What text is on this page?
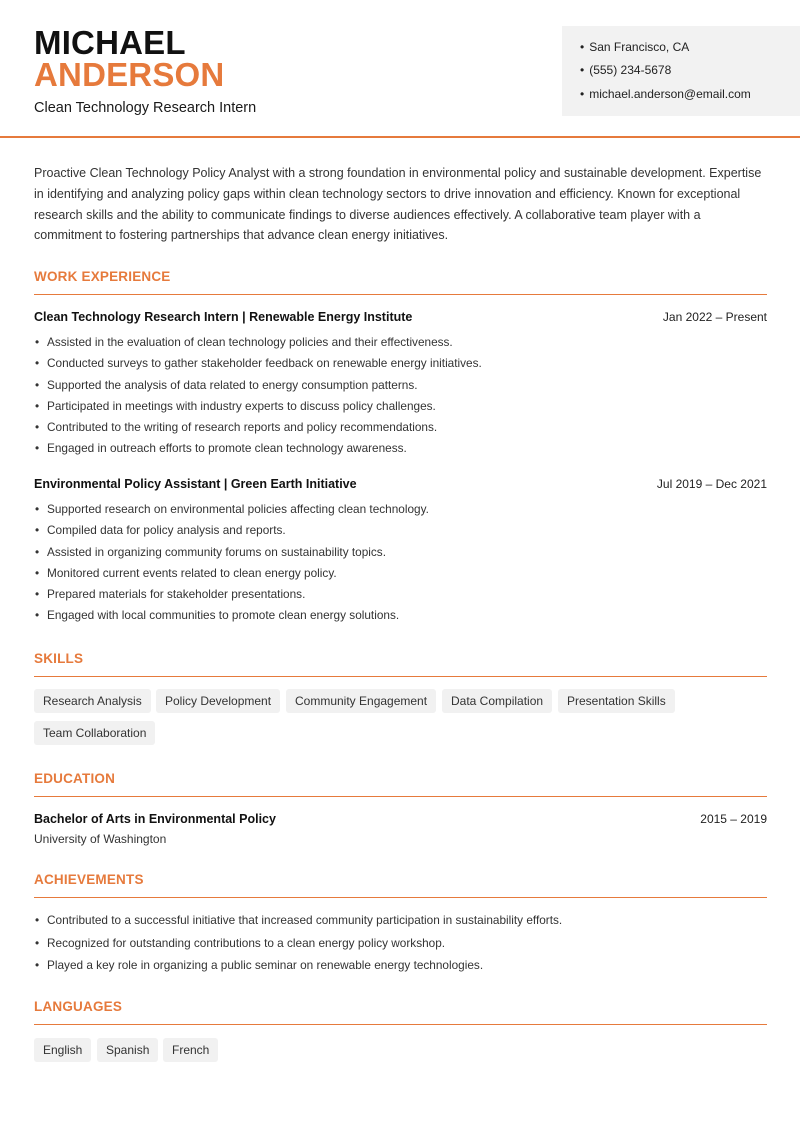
MICHAEL
ANDERSON
Clean Technology Research Intern
• San Francisco, CA
• (555) 234-5678
• michael.anderson@email.com

Proactive Clean Technology Policy Analyst with a strong foundation in environmental policy and sustainable development. Expertise in identifying and analyzing policy gaps within clean technology sectors to drive innovation and efficiency. Known for exceptional research skills and the ability to communicate findings to diverse audiences effectively. A collaborative team player with a commitment to fostering partnerships that advance clean energy initiatives.

WORK EXPERIENCE
Clean Technology Research Intern | Renewable Energy Institute	Jan 2022 – Present
• Assisted in the evaluation of clean technology policies and their effectiveness.
• Conducted surveys to gather stakeholder feedback on renewable energy initiatives.
• Supported the analysis of data related to energy consumption patterns.
• Participated in meetings with industry experts to discuss policy challenges.
• Contributed to the writing of research reports and policy recommendations.
• Engaged in outreach efforts to promote clean technology awareness.
Environmental Policy Assistant | Green Earth Initiative	Jul 2019 – Dec 2021
• Supported research on environmental policies affecting clean technology.
• Compiled data for policy analysis and reports.
• Assisted in organizing community forums on sustainability topics.
• Monitored current events related to clean energy policy.
• Prepared materials for stakeholder presentations.
• Engaged with local communities to promote clean energy solutions.
SKILLS
Research Analysis	Policy Development	Community Engagement	Data Compilation	Presentation Skills
Team Collaboration
EDUCATION
Bachelor of Arts in Environmental Policy	2015 – 2019
University of Washington
ACHIEVEMENTS
• Contributed to a successful initiative that increased community participation in sustainability efforts.
• Recognized for outstanding contributions to a clean energy policy workshop.
• Played a key role in organizing a public seminar on renewable energy technologies.
LANGUAGES
English	Spanish	French
